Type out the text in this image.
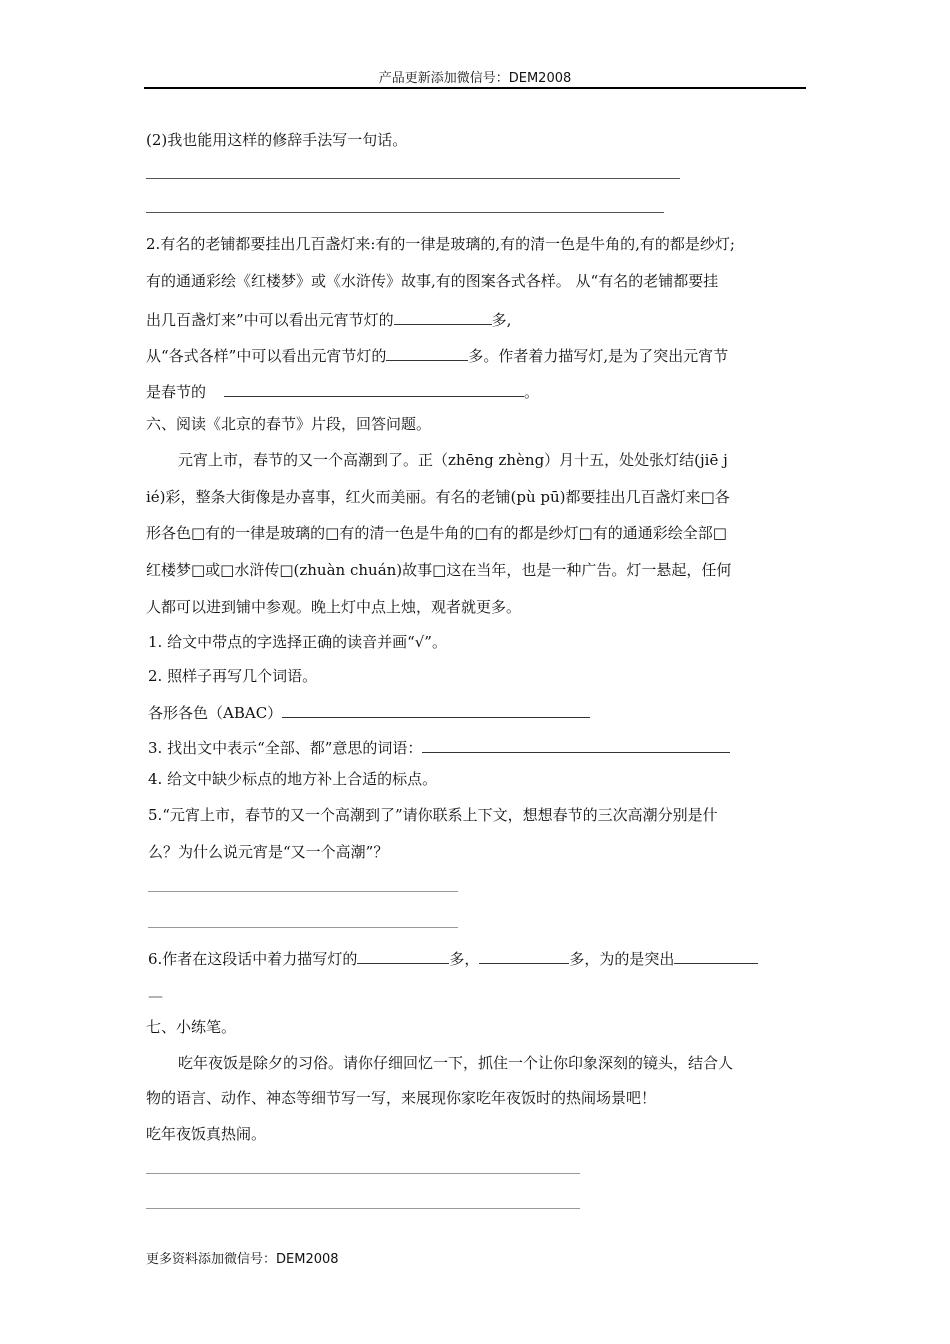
产品更新添加微信号：DEM2008
(2)我也能用这样的修辞手法写一句话。
2.有名的老铺都要挂出几百盏灯来:有的一律是玻璃的,有的清一色是牛角的,有的都是纱灯;
有的通通彩绘《红楼梦》或《水浒传》故事,有的图案各式各样。 从“有名的老铺都要挂
出几百盏灯来”中可以看出元宵节灯的	多,
从“各式各样”中可以看出元宵节灯的	多。作者着力描写灯,是为了突出元宵节
是春节的	。
六、阅读《北京的春节》片段，回答问题。
元宵上市，春节的又一个高潮到了。正（zhēng zhèng）月十五，处处张灯结(jiē j
ié)彩，整条大街像是办喜事，红火而美丽。有名的老铺(pù pū)都要挂出几百盏灯来□各
形各色□有的一律是玻璃的□有的清一色是牛角的□有的都是纱灯□有的通通彩绘全部□
红楼梦□或□水浒传□(zhuàn chuán)故事□这在当年，也是一种广告。灯一悬起，任何
人都可以进到铺中参观。晚上灯中点上烛，观者就更多。
1. 给文中带点的字选择正确的读音并画“√”。
2. 照样子再写几个词语。
各形各色（ABAC）
3. 找出文中表示“全部、都”意思的词语：
4. 给文中缺少标点的地方补上合适的标点。
5.“元宵上市，春节的又一个高潮到了”请你联系上下文，想想春节的三次高潮分别是什
么？为什么说元宵是“又一个高潮”？
6.作者在这段话中着力描写灯的	多，	多，为的是突出
—
七、小练笔。
吃年夜饭是除夕的习俗。请你仔细回忆一下，抓住一个让你印象深刻的镜头，结合人
物的语言、动作、神态等细节写一写，来展现你家吃年夜饭时的热闹场景吧！
吃年夜饭真热闹。
更多资料添加微信号：DEM2008
